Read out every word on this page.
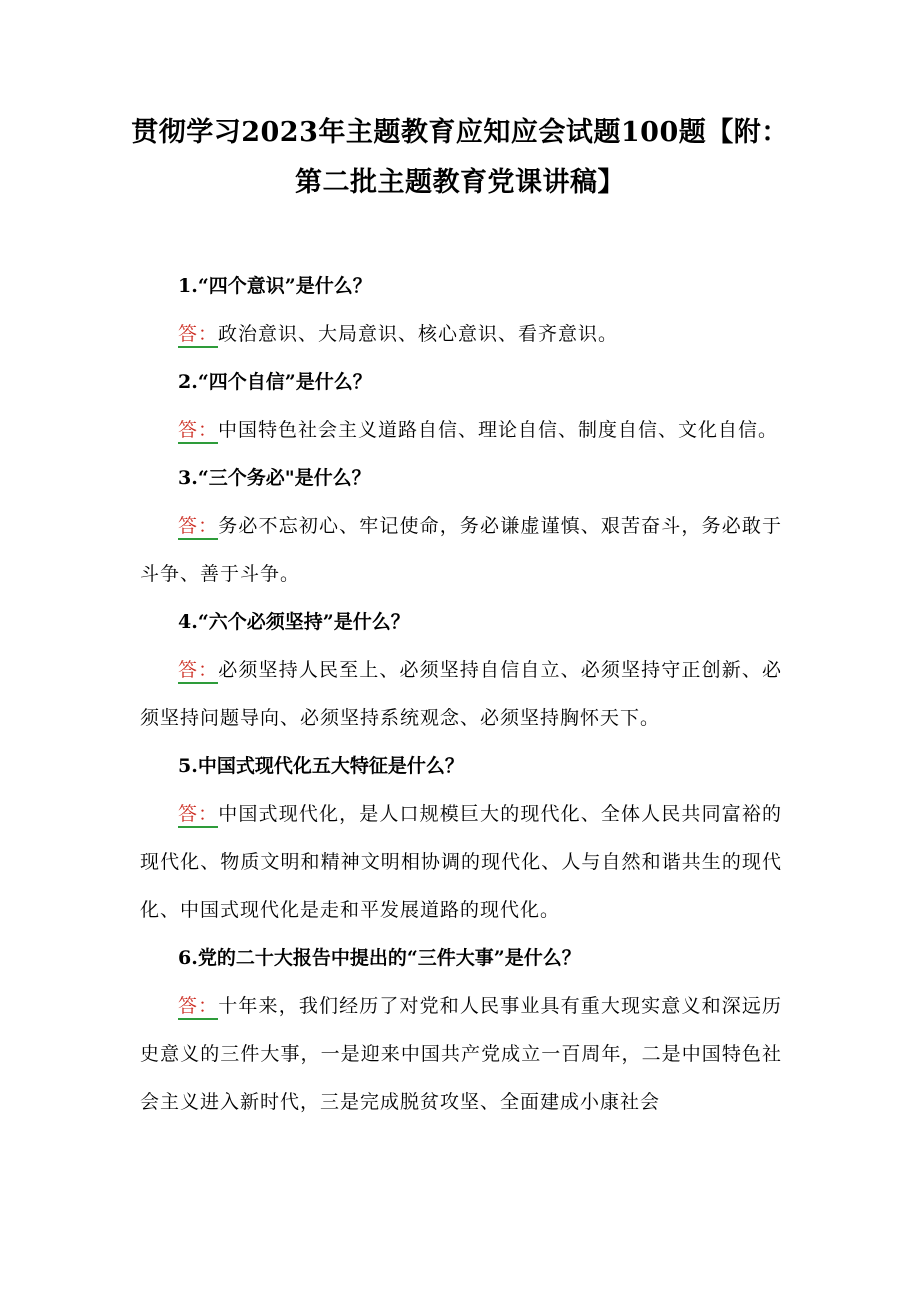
贯彻学习2023年主题教育应知应会试题100题【附：
第二批主题教育党课讲稿】

1.“四个意识”是什么？

答：政治意识、大局意识、核心意识、看齐意识。

2.“四个自信”是什么？

答：中国特色社会主义道路自信、理论自信、制度自信、文化自信。

3.“三个务必"是什么？

答：务必不忘初心、牢记使命，务必谦虚谨慎、艰苦奋斗，务必敢于斗争、善于斗争。

4.“六个必须坚持”是什么？

答：必须坚持人民至上、必须坚持自信自立、必须坚持守正创新、必须坚持问题导向、必须坚持系统观念、必须坚持胸怀天下。

5.中国式现代化五大特征是什么？

答：中国式现代化，是人口规模巨大的现代化、全体人民共同富裕的现代化、物质文明和精神文明相协调的现代化、人与自然和谐共生的现代化、中国式现代化是走和平发展道路的现代化。

6.党的二十大报告中提出的“三件大事”是什么？

答：十年来，我们经历了对党和人民事业具有重大现实意义和深远历史意义的三件大事，一是迎来中国共产党成立一百周年，二是中国特色社会主义进入新时代，三是完成脱贫攻坚、全面建成小康社会
